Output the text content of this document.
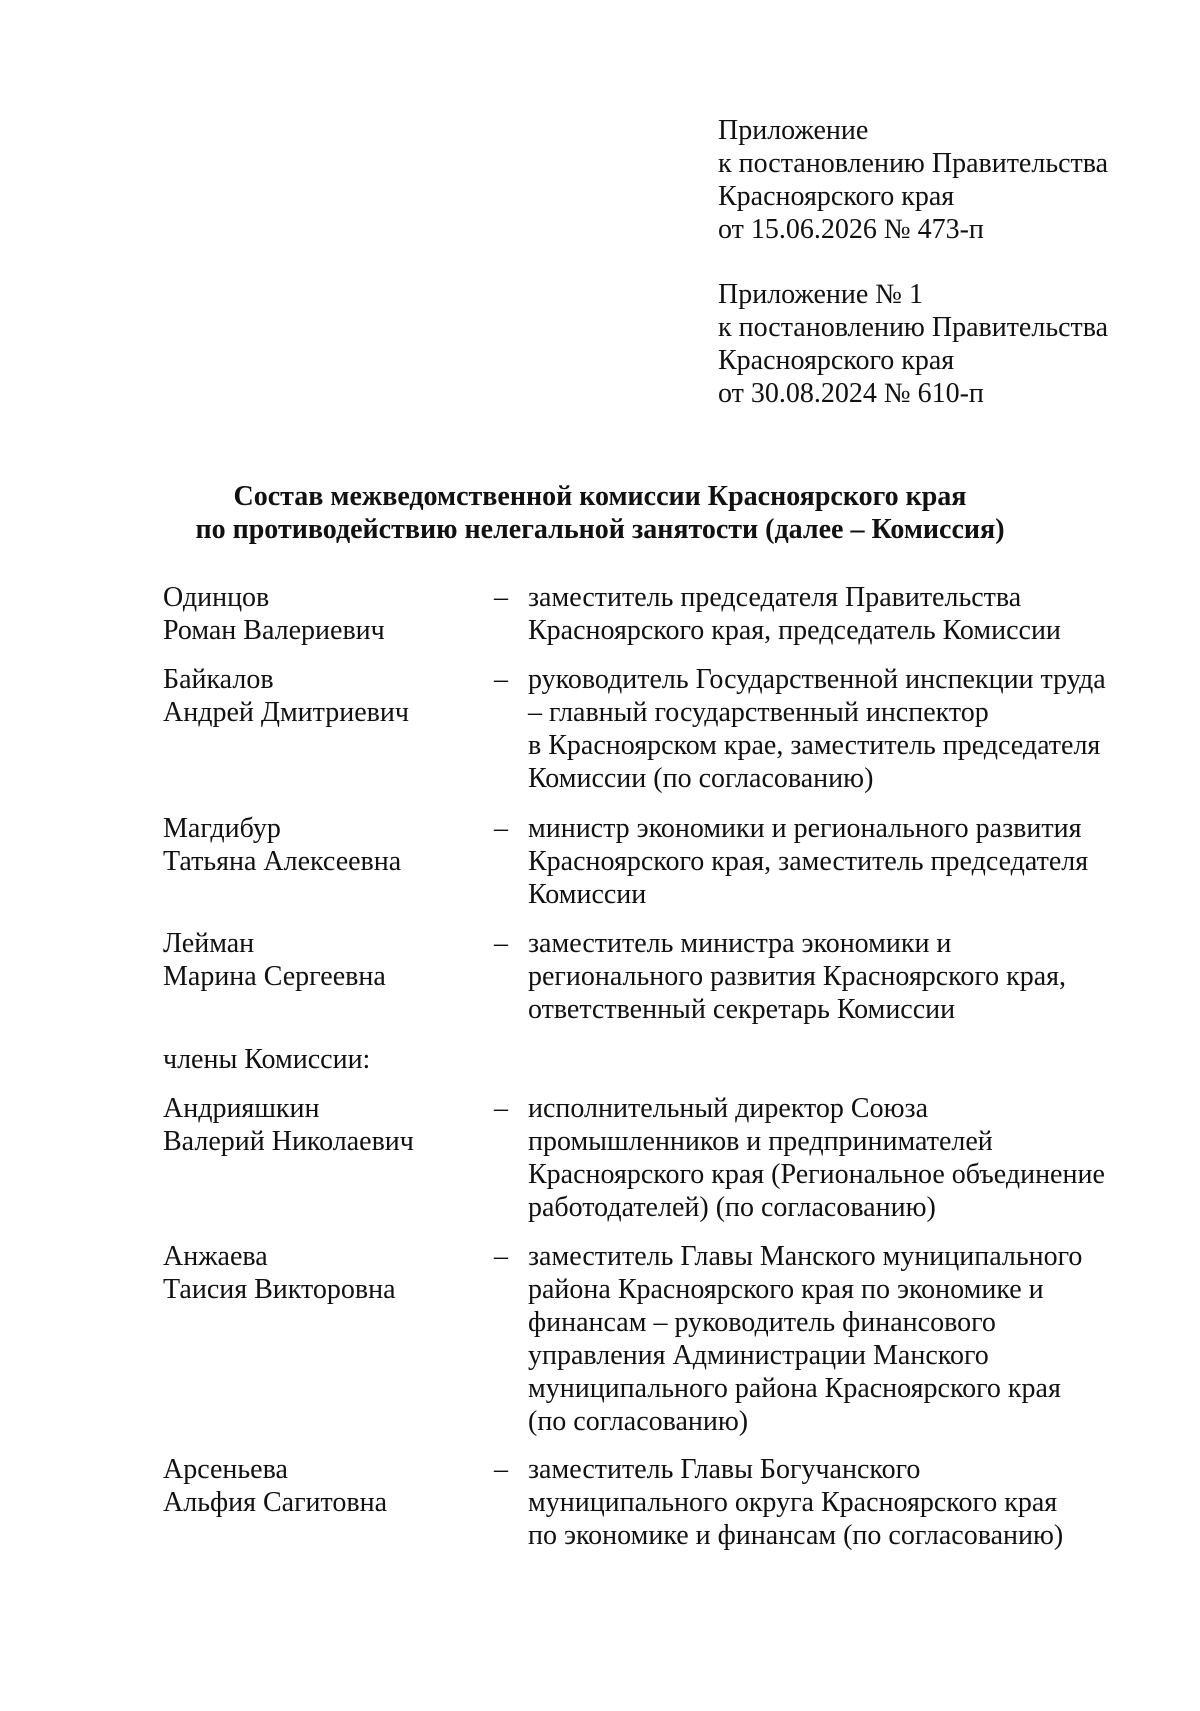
Приложение
к постановлению Правительства
Красноярского края
от 15.06.2026 № 473-п
Приложение № 1
к постановлению Правительства
Красноярского края
от 30.08.2024 № 610-п
Состав межведомственной комиссии Красноярского края
по противодействию нелегальной занятости (далее – Комиссия)
Одинцов
Роман Валериевич
– заместитель председателя Правительства
Красноярского края, председатель Комиссии
Байкалов
Андрей Дмитриевич
– руководитель Государственной инспекции труда
– главный государственный инспектор
в Красноярском крае, заместитель председателя
Комиссии (по согласованию)
Магдибур
Татьяна Алексеевна
– министр экономики и регионального развития
Красноярского края, заместитель председателя
Комиссии
Лейман
Марина Сергеевна
– заместитель министра экономики и
регионального развития Красноярского края,
ответственный секретарь Комиссии
члены Комиссии:
Андрияшкин
Валерий Николаевич
– исполнительный директор Союза
промышленников и предпринимателей
Красноярского края (Региональное объединение
работодателей) (по согласованию)
Анжаева
Таисия Викторовна
– заместитель Главы Манского муниципального
района Красноярского края по экономике и
финансам – руководитель финансового
управления Администрации Манского
муниципального района Красноярского края
(по согласованию)
Арсеньева
Альфия Сагитовна
– заместитель Главы Богучанского
муниципального округа Красноярского края
по экономике и финансам (по согласованию)
